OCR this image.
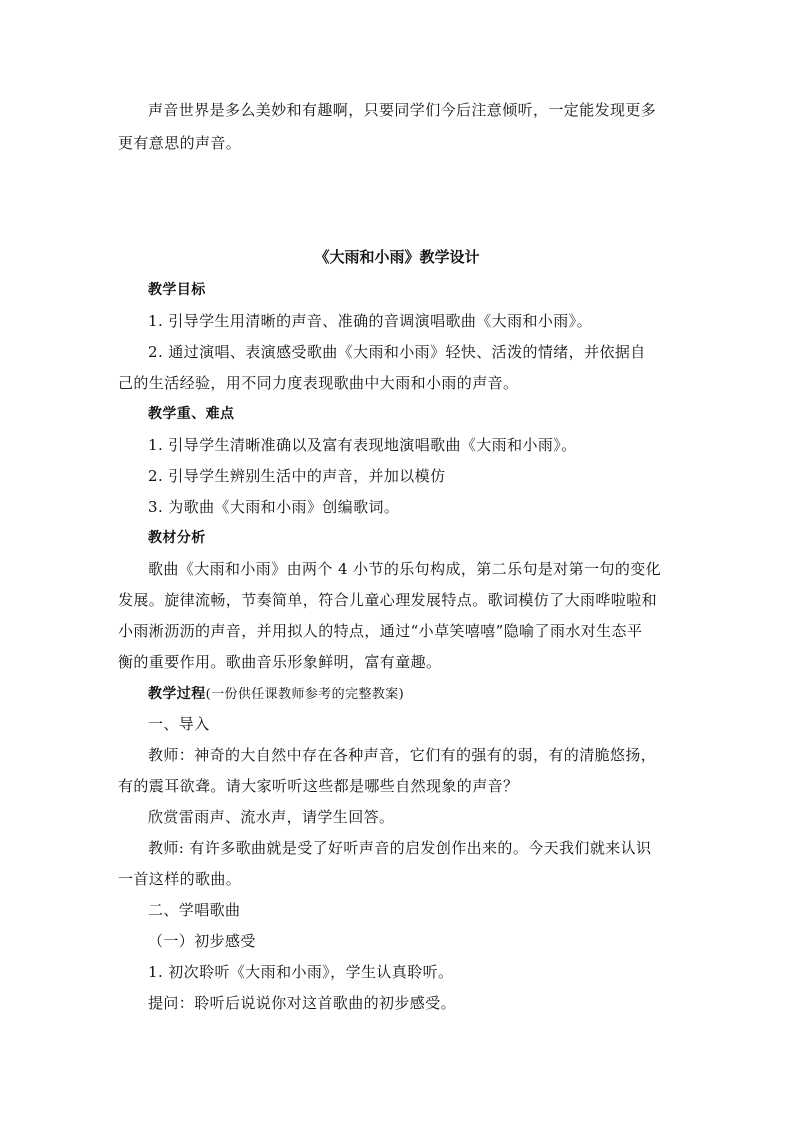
声音世界是多么美妙和有趣啊，只要同学们今后注意倾听，一定能发现更多
更有意思的声音。
《大雨和小雨》教学设计
教学目标
1. 引导学生用清晰的声音、准确的音调演唱歌曲《大雨和小雨》。
2. 通过演唱、表演感受歌曲《大雨和小雨》轻快、活泼的情绪，并依据自
己的生活经验，用不同力度表现歌曲中大雨和小雨的声音。
教学重、难点
1. 引导学生清晰准确以及富有表现地演唱歌曲《大雨和小雨》。
2. 引导学生辨别生活中的声音，并加以模仿
3. 为歌曲《大雨和小雨》创编歌词。
教材分析
歌曲《大雨和小雨》由两个 4 小节的乐句构成，第二乐句是对第一句的变化
发展。旋律流畅，节奏简单，符合儿童心理发展特点。歌词模仿了大雨哗啦啦和
小雨淅沥沥的声音，并用拟人的特点，通过“小草笑嘻嘻”隐喻了雨水对生态平
衡的重要作用。歌曲音乐形象鲜明，富有童趣。
教学过程(一份供任课教师参考的完整教案)
一、导入
教师：神奇的大自然中存在各种声音，它们有的强有的弱，有的清脆悠扬，
有的震耳欲聋。请大家听听这些都是哪些自然现象的声音？
欣赏雷雨声、流水声，请学生回答。
教师: 有许多歌曲就是受了好听声音的启发创作出来的。今天我们就来认识
一首这样的歌曲。
二、学唱歌曲
（一）初步感受
1. 初次聆听《大雨和小雨》，学生认真聆听。
提问：聆听后说说你对这首歌曲的初步感受。
